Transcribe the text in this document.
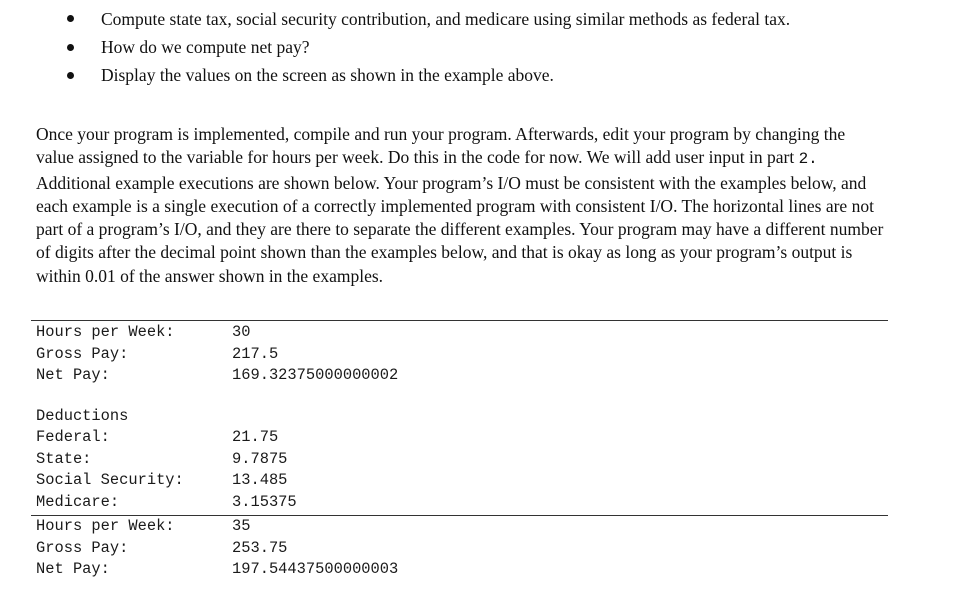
Compute state tax, social security contribution, and medicare using similar methods as federal tax.
How do we compute net pay?
Display the values on the screen as shown in the example above.

Once your program is implemented, compile and run your program. Afterwards, edit your program by changing the value assigned to the variable for hours per week. Do this in the code for now. We will add user input in part 2. Additional example executions are shown below. Your program’s I/O must be consistent with the examples below, and each example is a single execution of a correctly implemented program with consistent I/O. The horizontal lines are not part of a program’s I/O, and they are there to separate the different examples. Your program may have a different number of digits after the decimal point shown than the examples below, and that is okay as long as your program’s output is within 0.01 of the answer shown in the examples.

Hours per Week:	30
Gross Pay:	217.5
Net Pay:	169.32375000000002
Deductions
Federal:	21.75
State:	9.7875
Social Security:	13.485
Medicare:	3.15375
Hours per Week:	35
Gross Pay:	253.75
Net Pay:	197.54437500000003
